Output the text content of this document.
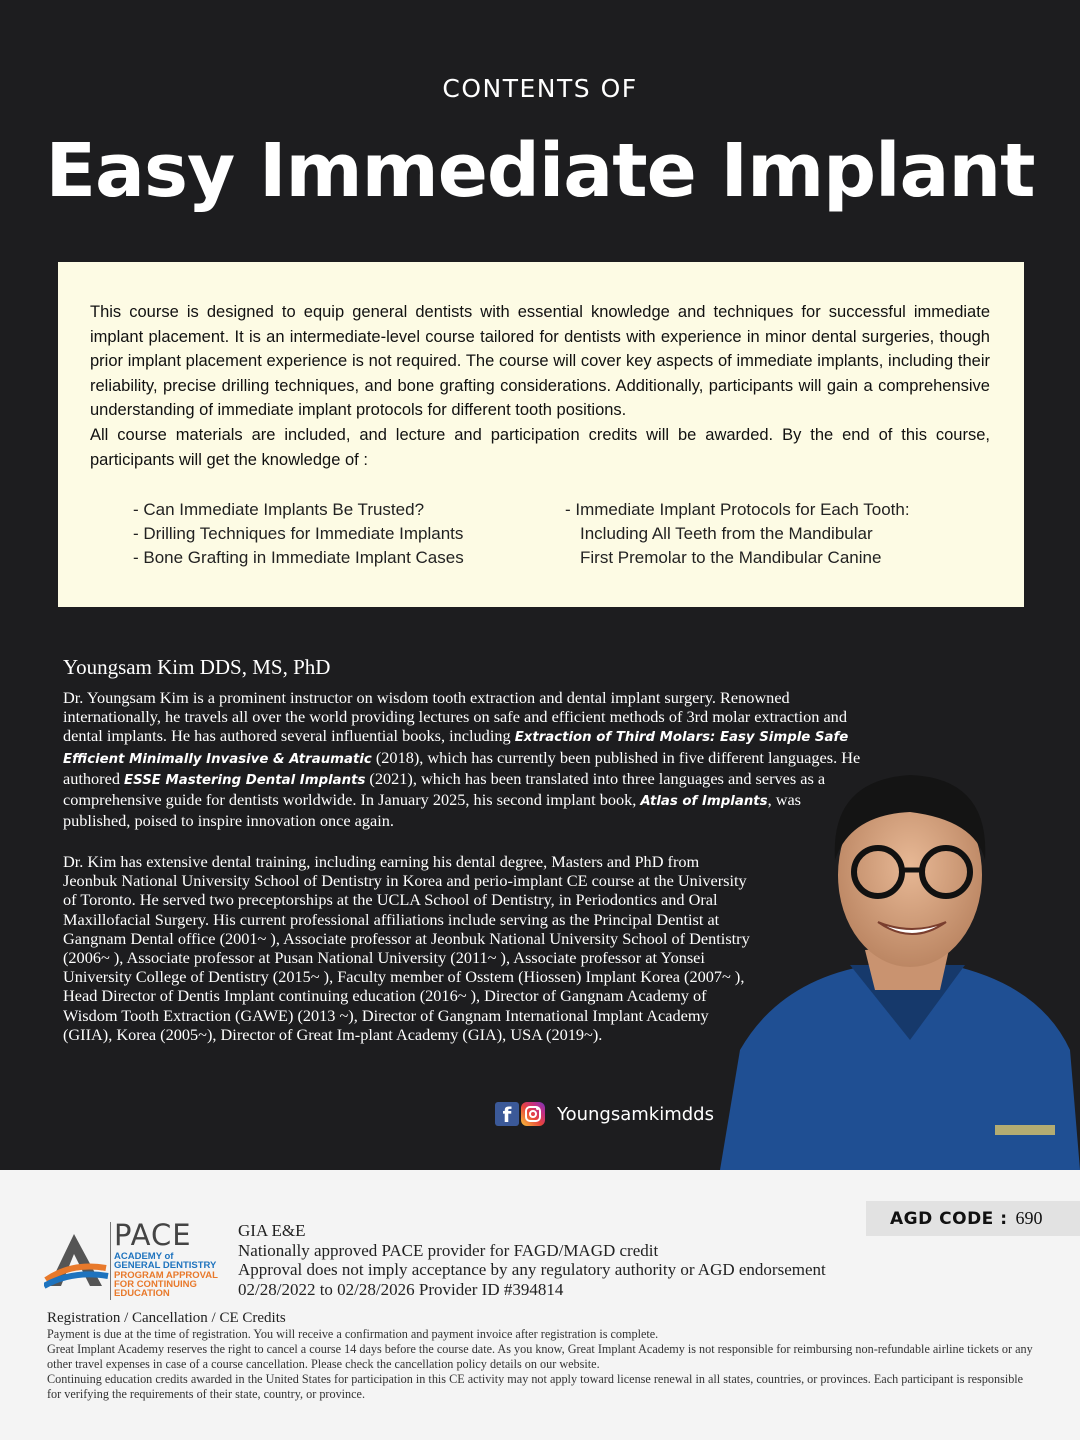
CONTENTS OF
Easy Immediate Implant

This course is designed to equip general dentists with essential knowledge and techniques for successful immediate implant placement. It is an intermediate-level course tailored for dentists with experience in minor dental surgeries, though prior implant placement experience is not required. The course will cover key aspects of immediate implants, including their reliability, precise drilling techniques, and bone grafting considerations. Additionally, participants will gain a comprehensive understanding of immediate implant protocols for different tooth positions.
All course materials are included, and lecture and participation credits will be awarded. By the end of this course, participants will get the knowledge of :

- Can Immediate Implants Be Trusted?
- Drilling Techniques for Immediate Implants
- Bone Grafting in Immediate Implant Cases
- Immediate Implant Protocols for Each Tooth:
Including All Teeth from the Mandibular
First Premolar to the Mandibular Canine
Youngsam Kim DDS, MS, PhD

Dr. Youngsam Kim is a prominent instructor on wisdom tooth extraction and dental implant surgery. Renowned internationally, he travels all over the world providing lectures on safe and efficient methods of 3rd molar extraction and dental implants. He has authored several influential books, including Extraction of Third Molars: Easy Simple Safe Efficient Minimally Invasive & Atraumatic (2018), which has currently been published in five different languages. He authored ESSE Mastering Dental Implants (2021), which has been translated into three languages and serves as a comprehensive guide for dentists worldwide. In January 2025, his second implant book, Atlas of Implants, was published, poised to inspire innovation once again.

Dr. Kim has extensive dental training, including earning his dental degree, Masters and PhD from Jeonbuk National University School of Dentistry in Korea and perio-implant CE course at the University of Toronto. He served two preceptorships at the UCLA School of Dentistry, in Periodontics and Oral Maxillofacial Surgery. His current professional affiliations include serving as the Principal Dentist at Gangnam Dental office (2001~ ), Associate professor at Jeonbuk National University School of Dentistry (2006~ ), Associate professor at Pusan National University (2011~ ), Associate professor at Yonsei University College of Dentistry (2015~ ), Faculty member of Osstem (Hiossen) Implant Korea (2007~ ), Head Director of Dentis Implant continuing education (2016~ ), Director of Gangnam Academy of Wisdom Tooth Extraction (GAWE) (2013 ~), Director of Gangnam International Implant Academy (GIIA), Korea (2005~), Director of Great Im-plant Academy (GIA), USA (2019~).

f	Youngsamkimdds
AGD CODE : 690
PACE
ACADEMY of
GENERAL DENTISTRY
PROGRAM APPROVAL
FOR CONTINUING
EDUCATION
GIA E&E
Nationally approved PACE provider for FAGD/MAGD credit
Approval does not imply acceptance by any regulatory authority or AGD endorsement
02/28/2022 to 02/28/2026 Provider ID #394814
Registration / Cancellation / CE Credits

Payment is due at the time of registration. You will receive a confirmation and payment invoice after registration is complete.

Great Implant Academy reserves the right to cancel a course 14 days before the course date. As you know, Great Implant Academy is not responsible for reimbursing non-refundable airline tickets or any other travel expenses in case of a course cancellation. Please check the cancellation policy details on our website.

Continuing education credits awarded in the United States for participation in this CE activity may not apply toward license renewal in all states, countries, or provinces. Each participant is responsible for verifying the requirements of their state, country, or province.
